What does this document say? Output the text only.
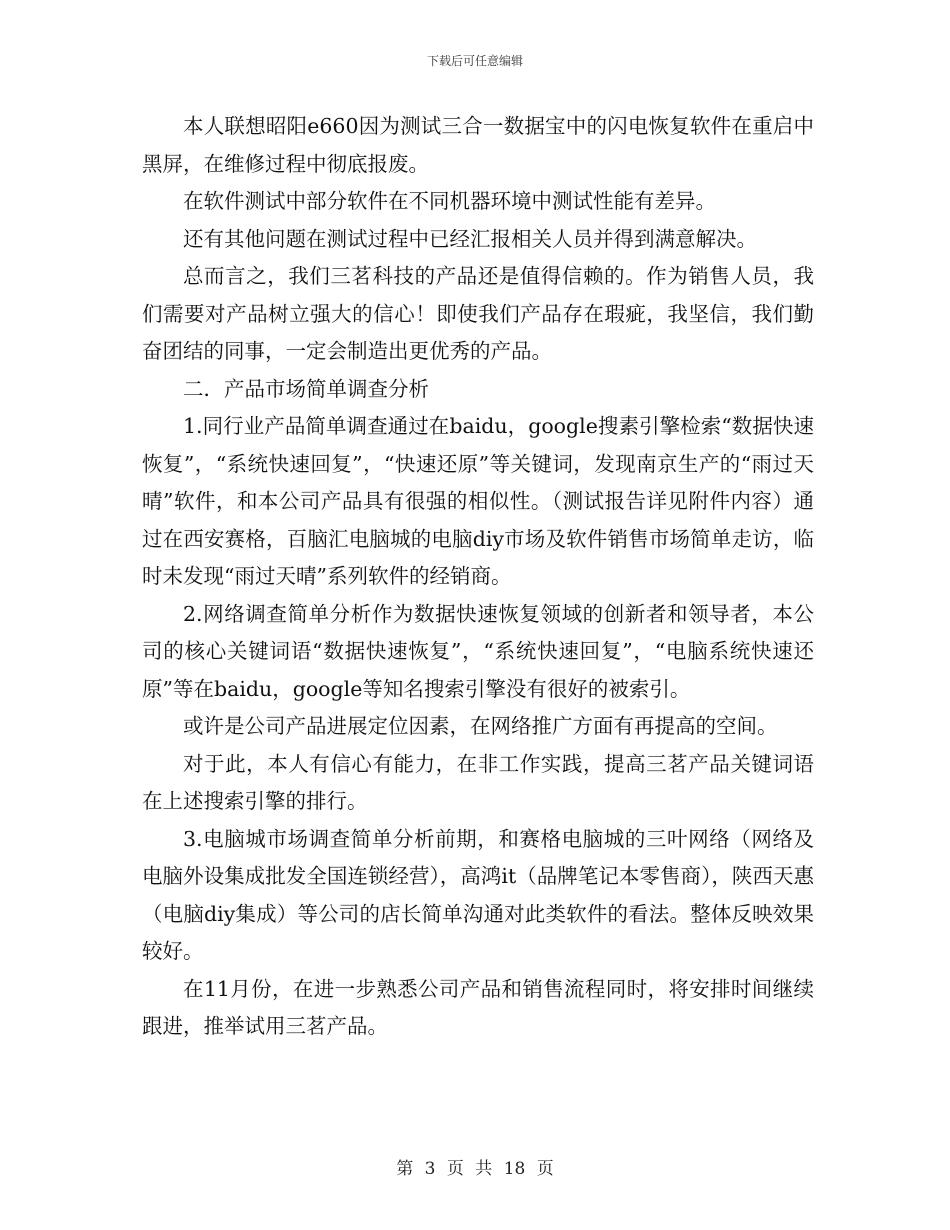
下载后可任意编辑

本人联想昭阳e660因为测试三合一数据宝中的闪电恢复软件在重启中黑屏，在维修过程中彻底报废。

在软件测试中部分软件在不同机器环境中测试性能有差异。

还有其他问题在测试过程中已经汇报相关人员并得到满意解决。

总而言之，我们三茗科技的产品还是值得信赖的。作为销售人员，我们需要对产品树立强大的信心！即使我们产品存在瑕疵，我坚信，我们勤奋团结的同事，一定会制造出更优秀的产品。

二．产品市场简单调查分析

1.同行业产品简单调查通过在baidu，google搜素引擎检索“数据快速恢复”，“系统快速回复”，“快速还原”等关键词，发现南京生产的“雨过天晴”软件，和本公司产品具有很强的相似性。（测试报告详见附件内容）通过在西安赛格，百脑汇电脑城的电脑diy市场及软件销售市场简单走访，临时未发现“雨过天晴”系列软件的经销商。

2.网络调查简单分析作为数据快速恢复领域的创新者和领导者，本公司的核心关键词语“数据快速恢复”，“系统快速回复”，“电脑系统快速还原”等在baidu，google等知名搜索引擎没有很好的被索引。

或许是公司产品进展定位因素，在网络推广方面有再提高的空间。

对于此，本人有信心有能力，在非工作实践，提高三茗产品关键词语在上述搜索引擎的排行。

3.电脑城市场调查简单分析前期，和赛格电脑城的三叶网络（网络及电脑外设集成批发全国连锁经营），高鸿it（品牌笔记本零售商），陕西天惠（电脑diy集成）等公司的店长简单沟通对此类软件的看法。整体反映效果较好。

在11月份，在进一步熟悉公司产品和销售流程同时，将安排时间继续跟进，推举试用三茗产品。

第 3 页 共 18 页
